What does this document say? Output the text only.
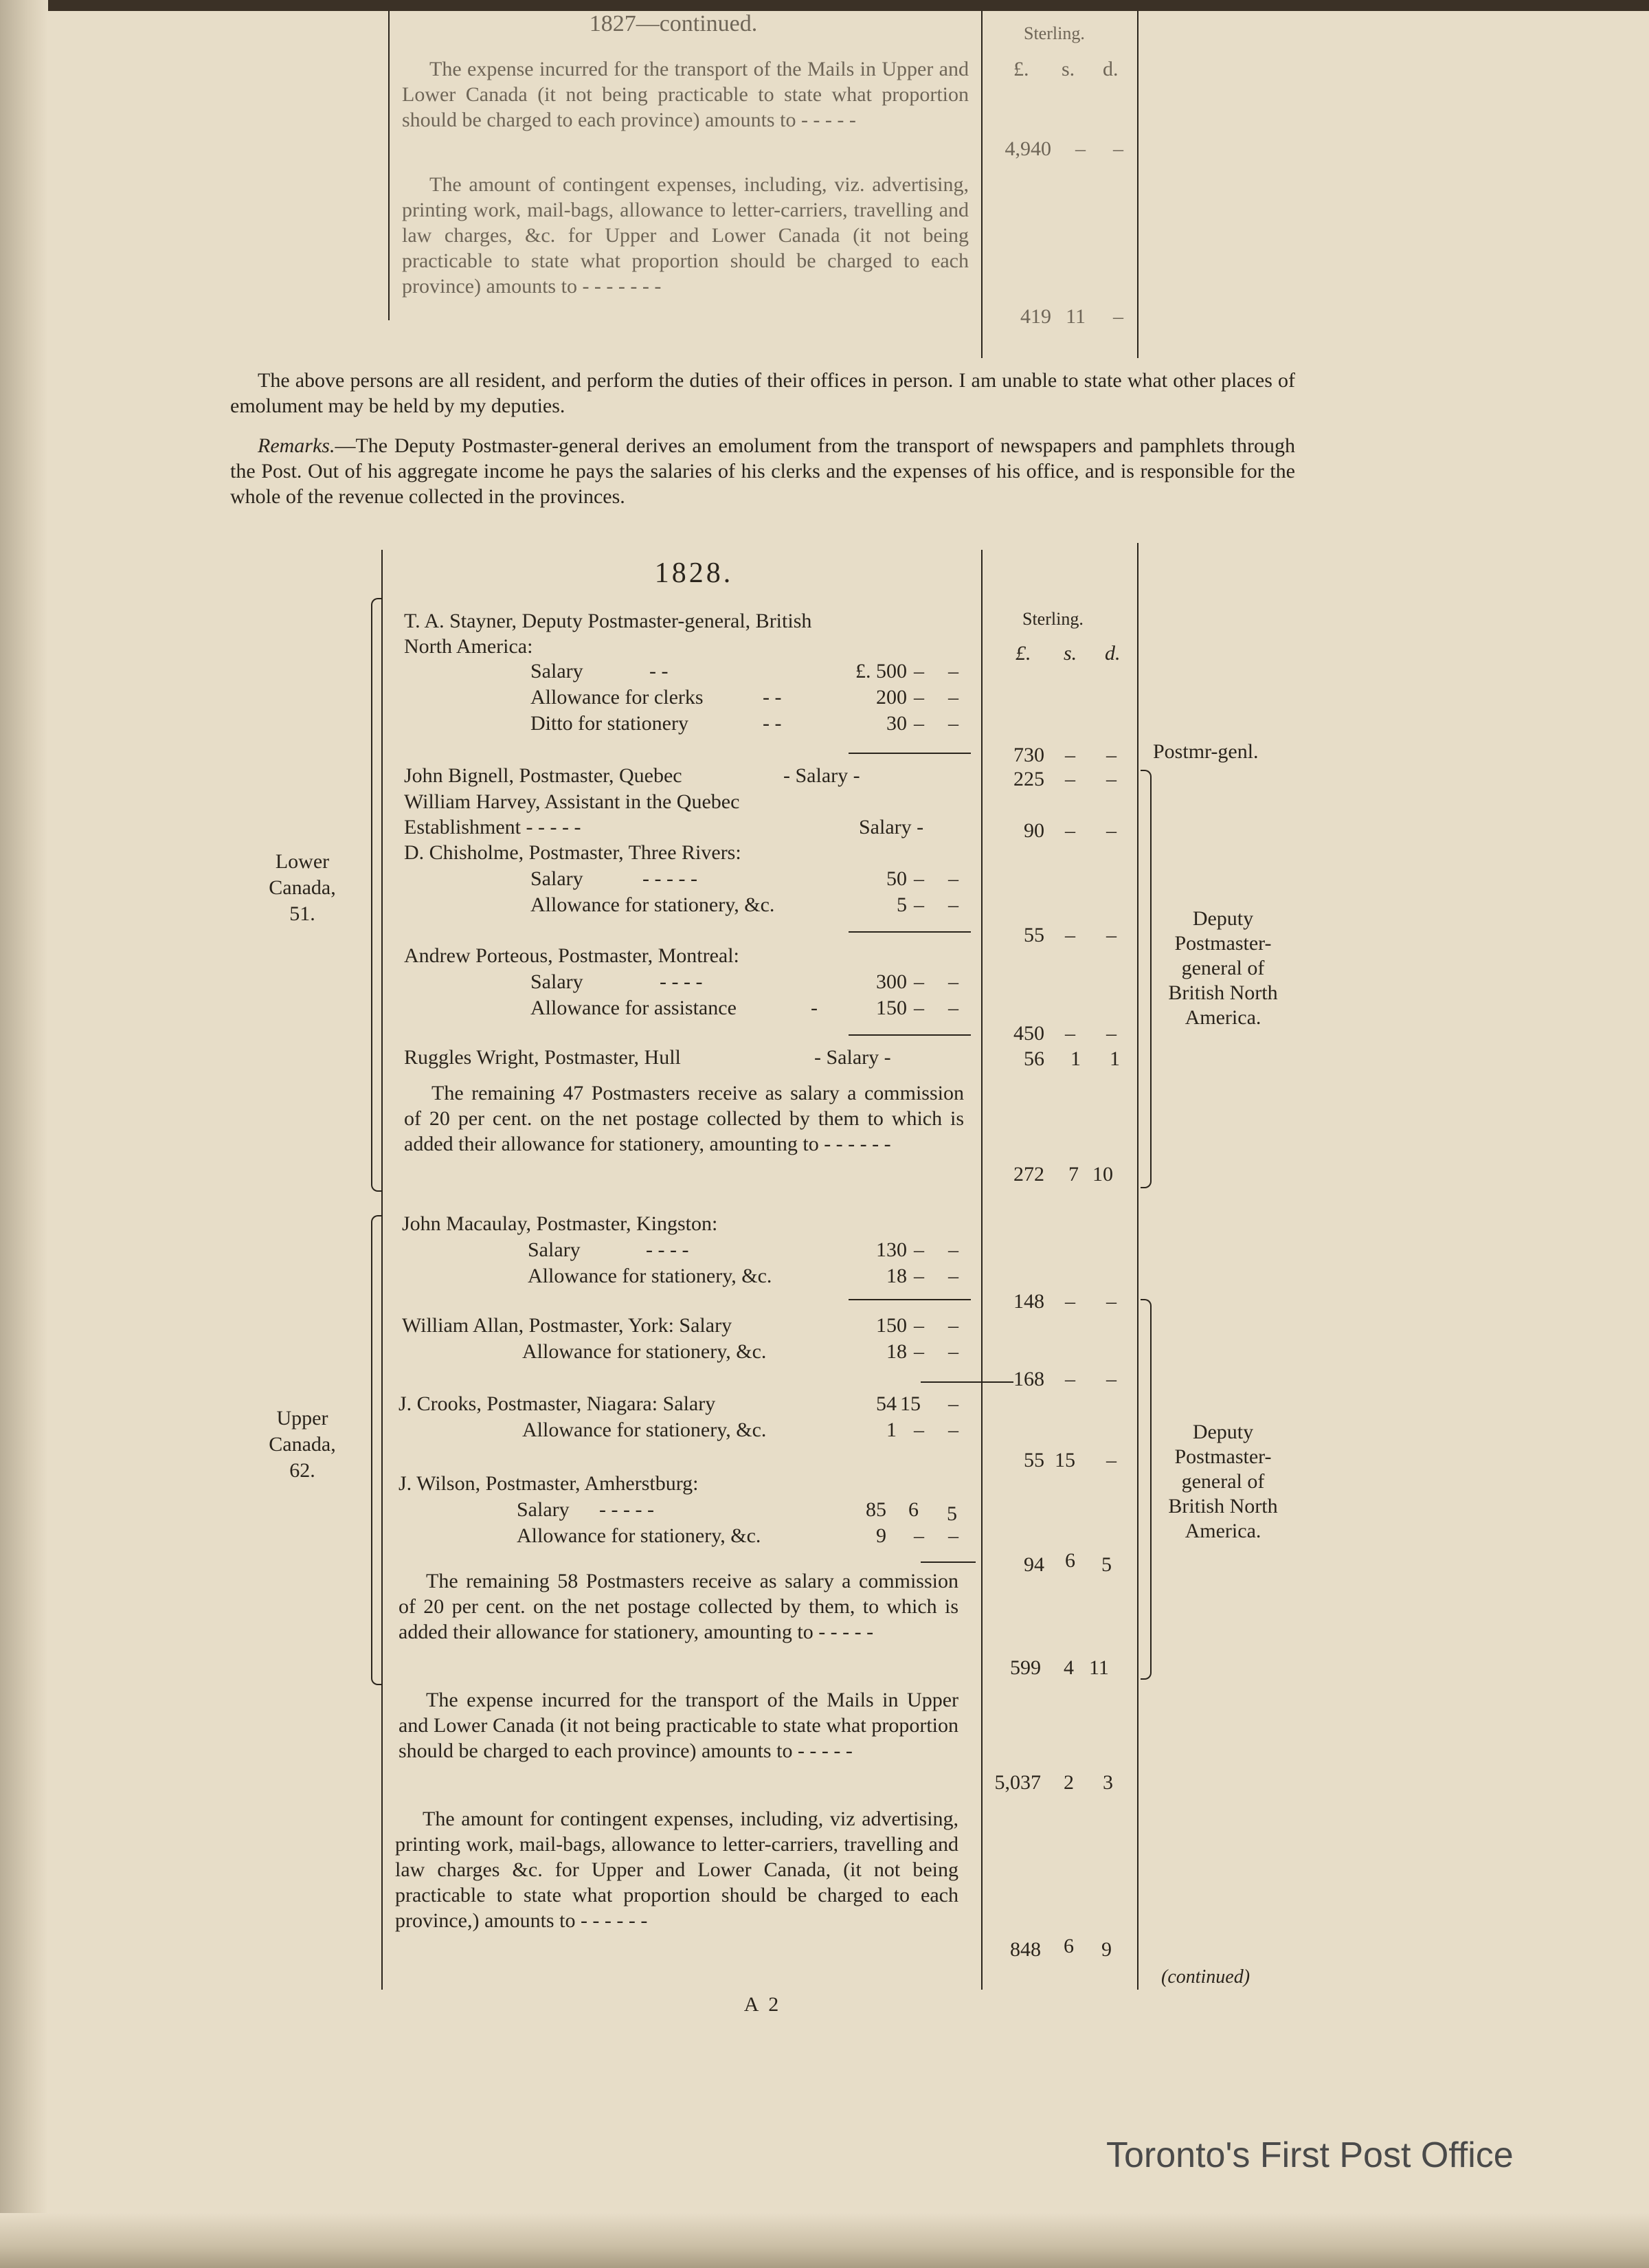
1827—continued.	Sterling.
£. s. d.
The expense incurred for the transport of the Mails in Upper and Lower Canada (it not being practicable to state what proportion should be charged to each province) amounts to - - - - -
4,940	–	–
The amount of contingent expenses, including, viz. advertising, printing work, mail-bags, allowance to letter-carriers, travelling and law charges, &c. for Upper and Lower Canada (it not being practicable to state what proportion should be charged to each province) amounts to - - - - - - -
419 11	–
The above persons are all resident, and perform the duties of their offices in person. I am unable to state what other places of emolument may be held by my deputies.
Remarks.—The Deputy Postmaster-general derives an emolument from the transport of newspapers and pamphlets through the Post. Out of his aggregate income he pays the salaries of his clerks and the expenses of his office, and is responsible for the whole of the revenue collected in the provinces.
1828.
Sterling.
£. s. d.
Lower
Canada,
51.
T. A. Stayner, Deputy Postmaster-general, British North America:
Salary	- -	£. 500 – –
Allowance for clerks	- -	200 – –
Ditto for stationery	- -	30 – –
730 – – Postmr-genl.
John Bignell, Postmaster, Quebec	- Salary -	225 – –
William Harvey, Assistant in the Quebec Establishment - - - - -	Salary -	90 – –
D. Chisholme, Postmaster, Three Rivers:
Salary	- - - - -	50 – –
Allowance for stationery, &c.	5 – –
55 – –
Andrew Porteous, Postmaster, Montreal:
Salary	- - - -	300 – –
Allowance for assistance	-	150 – –
450 – –
Ruggles Wright, Postmaster, Hull	- Salary -	56 1 1
The remaining 47 Postmasters receive as salary a commission of 20 per cent. on the net postage collected by them to which is added their allowance for stationery, amounting to - - - - - -
272 7 10
Deputy
Postmaster-
general of
British North
America.
Upper
Canada,
62.
John Macaulay, Postmaster, Kingston:
Salary	- - - -	130 – –
Allowance for stationery, &c.	18 – –
148 – –
William Allan, Postmaster, York: Salary	150 – –
Allowance for stationery, &c.	18 – –
168 – –
J. Crooks, Postmaster, Niagara: Salary	54 15 –
Allowance for stationery, &c.	1 – –
55 15 –
J. Wilson, Postmaster, Amherstburg:
Salary - - - - -	85 6 5
Allowance for stationery, &c.	9 – –
94 6 5
The remaining 58 Postmasters receive as salary a commission of 20 per cent. on the net postage collected by them, to which is added their allowance for stationery, amounting to - - - - -
599 4 11
Deputy
Postmaster-
general of
British North
America.
The expense incurred for the transport of the Mails in Upper and Lower Canada (it not being practicable to state what proportion should be charged to each province) amounts to - - - - -
5,037 2 3
The amount for contingent expenses, including, viz advertising, printing work, mail-bags, allowance to letter-carriers, travelling and law charges &c. for Upper and Lower Canada, (it not being practicable to state what proportion should be charged to each province,) amounts to - - - - - -
848 6 9
(continued)
A 2
Toronto's First Post Office
